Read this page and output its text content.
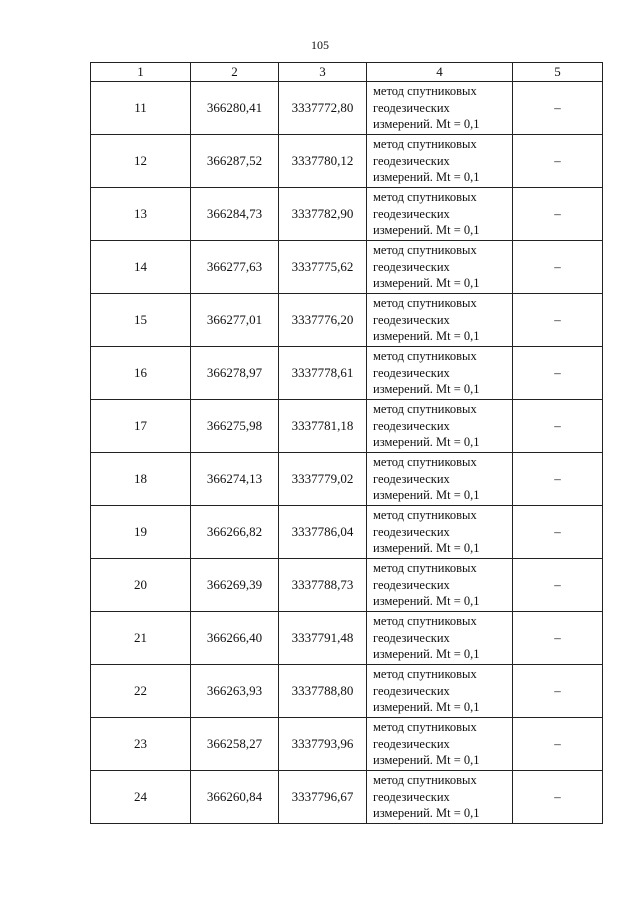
105
1	2	3	4	5
11	366280,41	3337772,80	метод спутниковых
геодезических
измерений. Mt = 0,1	–
12	366287,52	3337780,12	метод спутниковых
геодезических
измерений. Mt = 0,1	–
13	366284,73	3337782,90	метод спутниковых
геодезических
измерений. Mt = 0,1	–
14	366277,63	3337775,62	метод спутниковых
геодезических
измерений. Mt = 0,1	–
15	366277,01	3337776,20	метод спутниковых
геодезических
измерений. Mt = 0,1	–
16	366278,97	3337778,61	метод спутниковых
геодезических
измерений. Mt = 0,1	–
17	366275,98	3337781,18	метод спутниковых
геодезических
измерений. Mt = 0,1	–
18	366274,13	3337779,02	метод спутниковых
геодезических
измерений. Mt = 0,1	–
19	366266,82	3337786,04	метод спутниковых
геодезических
измерений. Mt = 0,1	–
20	366269,39	3337788,73	метод спутниковых
геодезических
измерений. Mt = 0,1	–
21	366266,40	3337791,48	метод спутниковых
геодезических
измерений. Mt = 0,1	–
22	366263,93	3337788,80	метод спутниковых
геодезических
измерений. Mt = 0,1	–
23	366258,27	3337793,96	метод спутниковых
геодезических
измерений. Mt = 0,1	–
24	366260,84	3337796,67	метод спутниковых
геодезических
измерений. Mt = 0,1	–
